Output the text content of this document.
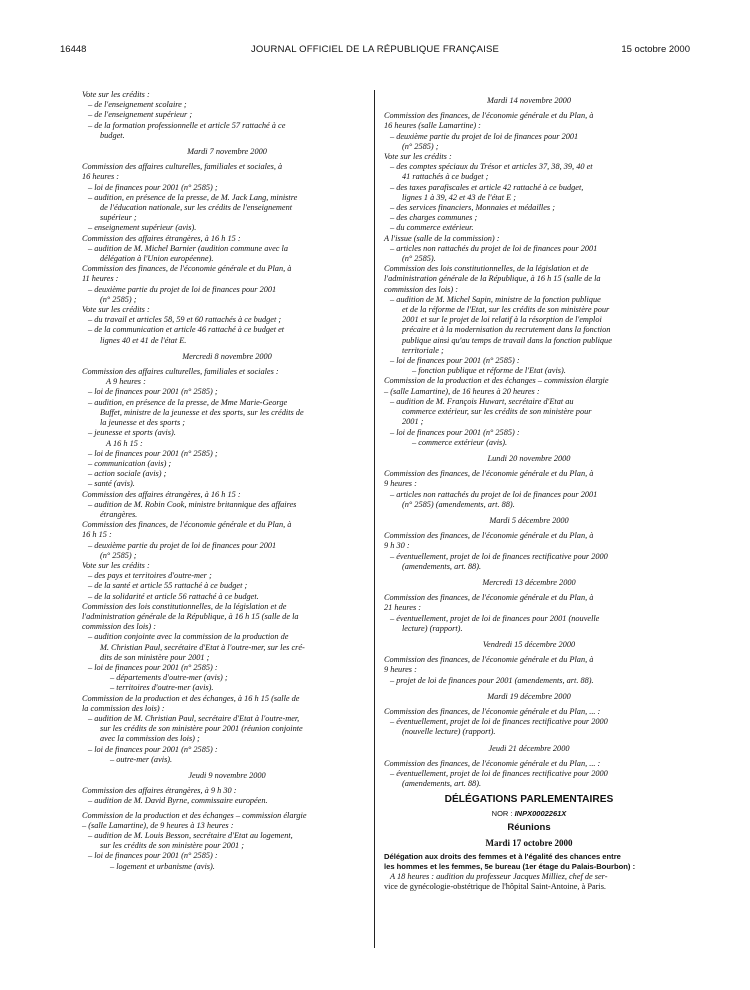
16448	JOURNAL OFFICIEL DE LA RÉPUBLIQUE FRANÇAISE	15 octobre 2000
Vote sur les crédits :
– de l'enseignement scolaire ;
– de l'enseignement supérieur ;
– de la formation professionnelle et article 57 rattaché à ce
budget.
Mardi 7 novembre 2000
Commission des affaires culturelles, familiales et sociales, à
16 heures :
– loi de finances pour 2001 (n° 2585) ;
– audition, en présence de la presse, de M. Jack Lang, ministre
de l'éducation nationale, sur les crédits de l'enseignement
supérieur ;
– enseignement supérieur (avis).
Commission des affaires étrangères, à 16 h 15 :
– audition de M. Michel Barnier (audition commune avec la
délégation à l'Union européenne).
Commission des finances, de l'économie générale et du Plan, à
11 heures :
– deuxième partie du projet de loi de finances pour 2001
(n° 2585) ;
Vote sur les crédits :
– du travail et articles 58, 59 et 60 rattachés à ce budget ;
– de la communication et article 46 rattaché à ce budget et
lignes 40 et 41 de l'état E.
Mercredi 8 novembre 2000
Commission des affaires culturelles, familiales et sociales :
A 9 heures :
– loi de finances pour 2001 (n° 2585) ;
– audition, en présence de la presse, de Mme Marie-George
Buffet, ministre de la jeunesse et des sports, sur les crédits de
la jeunesse et des sports ;
– jeunesse et sports (avis).
A 16 h 15 :
– loi de finances pour 2001 (n° 2585) ;
– communication (avis) ;
– action sociale (avis) ;
– santé (avis).
Commission des affaires étrangères, à 16 h 15 :
– audition de M. Robin Cook, ministre britannique des affaires
étrangères.
Commission des finances, de l'économie générale et du Plan, à
16 h 15 :
– deuxième partie du projet de loi de finances pour 2001
(n° 2585) ;
Vote sur les crédits :
– des pays et territoires d'outre-mer ;
– de la santé et article 55 rattaché à ce budget ;
– de la solidarité et article 56 rattaché à ce budget.
Commission des lois constitutionnelles, de la législation et de
l'administration générale de la République, à 16 h 15 (salle de la
commission des lois) :
– audition conjointe avec la commission de la production de
M. Christian Paul, secrétaire d'Etat à l'outre-mer, sur les cré-
dits de son ministère pour 2001 ;
– loi de finances pour 2001 (n° 2585) :
– départements d'outre-mer (avis) ;
– territoires d'outre-mer (avis).
Commission de la production et des échanges, à 16 h 15 (salle de
la commission des lois) :
– audition de M. Christian Paul, secrétaire d'Etat à l'outre-mer,
sur les crédits de son ministère pour 2001 (réunion conjointe
avec la commission des lois) ;
– loi de finances pour 2001 (n° 2585) :
– outre-mer (avis).
Jeudi 9 novembre 2000
Commission des affaires étrangères, à 9 h 30 :
– audition de M. David Byrne, commissaire européen.
Commission de la production et des échanges – commission élargie
– (salle Lamartine), de 9 heures à 13 heures :
– audition de M. Louis Besson, secrétaire d'Etat au logement,
sur les crédits de son ministère pour 2001 ;
– loi de finances pour 2001 (n° 2585) :
– logement et urbanisme (avis).
Mardi 14 novembre 2000
Commission des finances, de l'économie générale et du Plan, à
16 heures (salle Lamartine) :
– deuxième partie du projet de loi de finances pour 2001
(n° 2585) ;
Vote sur les crédits :
– des comptes spéciaux du Trésor et articles 37, 38, 39, 40 et
41 rattachés à ce budget ;
– des taxes parafiscales et article 42 rattaché à ce budget,
lignes 1 à 39, 42 et 43 de l'état E ;
– des services financiers, Monnaies et médailles ;
– des charges communes ;
– du commerce extérieur.
A l'issue (salle de la commission) :
– articles non rattachés du projet de loi de finances pour 2001
(n° 2585).
Commission des lois constitutionnelles, de la législation et de
l'administration générale de la République, à 16 h 15 (salle de la
commission des lois) :
– audition de M. Michel Sapin, ministre de la fonction publique
et de la réforme de l'Etat, sur les crédits de son ministère pour
2001 et sur le projet de loi relatif à la résorption de l'emploi
précaire et à la modernisation du recrutement dans la fonction
publique ainsi qu'au temps de travail dans la fonction publique
territoriale ;
– loi de finances pour 2001 (n° 2585) :
– fonction publique et réforme de l'Etat (avis).
Commission de la production et des échanges – commission élargie
– (salle Lamartine), de 16 heures à 20 heures :
– audition de M. François Huwart, secrétaire d'Etat au
commerce extérieur, sur les crédits de son ministère pour
2001 ;
– loi de finances pour 2001 (n° 2585) :
– commerce extérieur (avis).
Lundi 20 novembre 2000
Commission des finances, de l'économie générale et du Plan, à
9 heures :
– articles non rattachés du projet de loi de finances pour 2001
(n° 2585) (amendements, art. 88).
Mardi 5 décembre 2000
Commission des finances, de l'économie générale et du Plan, à
9 h 30 :
– éventuellement, projet de loi de finances rectificative pour 2000
(amendements, art. 88).
Mercredi 13 décembre 2000
Commission des finances, de l'économie générale et du Plan, à
21 heures :
– éventuellement, projet de loi de finances pour 2001 (nouvelle
lecture) (rapport).
Vendredi 15 décembre 2000
Commission des finances, de l'économie générale et du Plan, à
9 heures :
– projet de loi de finances pour 2001 (amendements, art. 88).
Mardi 19 décembre 2000
Commission des finances, de l'économie générale et du Plan, ... :
– éventuellement, projet de loi de finances rectificative pour 2000
(nouvelle lecture) (rapport).
Jeudi 21 décembre 2000
Commission des finances, de l'économie générale et du Plan, ... :
– éventuellement, projet de loi de finances rectificative pour 2000
(amendements, art. 88).
DÉLÉGATIONS PARLEMENTAIRES
NOR : INPX0002261X
Réunions
Mardi 17 octobre 2000
Délégation aux droits des femmes et à l'égalité des chances entre
les hommes et les femmes, 5e bureau (1er étage du Palais-Bourbon) :
A 18 heures : audition du professeur Jacques Milliez, chef de ser-
vice de gynécologie-obstétrique de l'hôpital Saint-Antoine, à Paris.
